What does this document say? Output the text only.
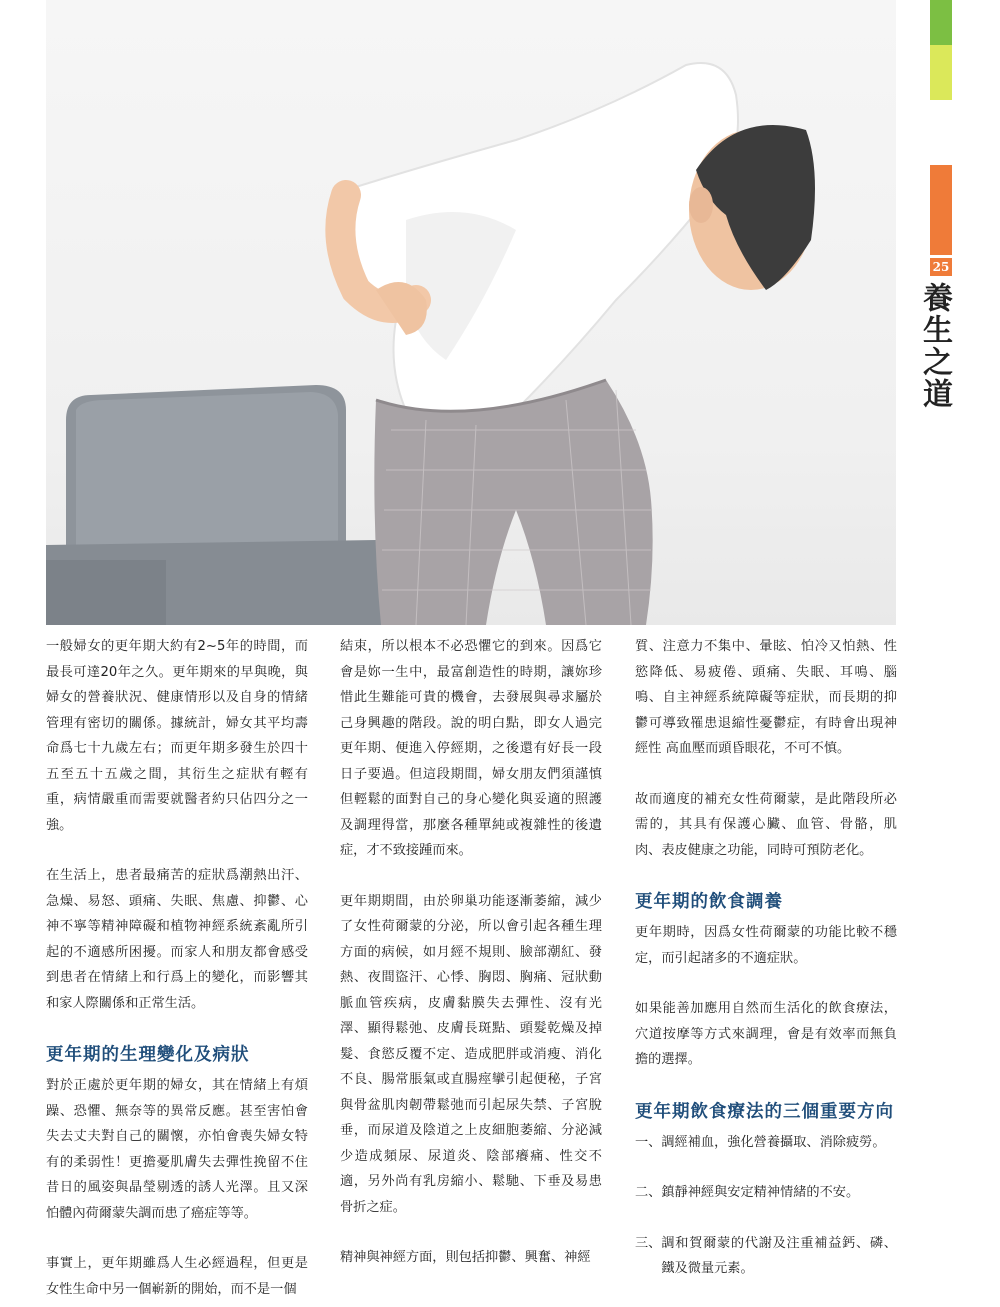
25
養生之道

一般婦女的更年期大約有2~5年的時間，而最長可達20年之久。更年期來的早與晚，與婦女的營養狀況、健康情形以及自身的情緒管理有密切的關係。據統計，婦女其平均壽命爲七十九歲左右；而更年期多發生於四十五至五十五歲之間，其衍生之症狀有輕有重，病情嚴重而需要就醫者約只佔四分之一強。

在生活上，患者最痛苦的症狀爲潮熱出汗、急燥、易怒、頭痛、失眠、焦慮、抑鬱、心神不寧等精神障礙和植物神經系統紊亂所引起的不適感所困擾。而家人和朋友都會感受到患者在情緒上和行爲上的變化，而影響其和家人際關係和正常生活。

更年期的生理變化及病狀

對於正處於更年期的婦女，其在情緒上有煩躁、恐懼、無奈等的異常反應。甚至害怕會失去丈夫對自己的關懷，亦怕會喪失婦女特有的柔弱性！更擔憂肌膚失去彈性挽留不住昔日的風姿與晶瑩剔透的誘人光澤。且又深怕體內荷爾蒙失調而患了癌症等等。

事實上，更年期雖爲人生必經過程，但更是女性生命中另一個嶄新的開始，而不是一個

結束，所以根本不必恐懼它的到來。因爲它會是妳一生中，最富創造性的時期，讓妳珍惜此生難能可貴的機會，去發展與尋求屬於己身興趣的階段。說的明白點，即女人過完更年期、便進入停經期，之後還有好長一段日子要過。但這段期間，婦女朋友們須謹慎但輕鬆的面對自己的身心變化與妥適的照護及調理得當，那麼各種單純或複雜性的後遺症，才不致接踵而來。

更年期期間，由於卵巢功能逐漸萎縮，減少了女性荷爾蒙的分泌，所以會引起各種生理方面的病候，如月經不規則、臉部潮紅、發熱、夜間盜汗、心悸、胸悶、胸痛、冠狀動脈血管疾病，皮膚黏膜失去彈性、沒有光澤、顯得鬆弛、皮膚長斑點、頭髮乾燥及掉髮、食慾反覆不定、造成肥胖或消瘦、消化不良、腸常脹氣或直腸痙攣引起便秘，子宮與骨盆肌肉韌帶鬆弛而引起尿失禁、子宮脫垂，而尿道及陰道之上皮細胞萎縮、分泌減少造成頻尿、尿道炎、陰部癢痛、性交不適，另外尚有乳房縮小、鬆馳、下垂及易患骨折之症。

精神與神經方面，則包括抑鬱、興奮、神經

質、注意力不集中、暈眩、怕冷又怕熱、性慾降低、易疲倦、頭痛、失眠、耳鳴、腦鳴、自主神經系統障礙等症狀，而長期的抑鬱可導致罹患退縮性憂鬱症，有時會出現神經性 高血壓而頭昏眼花，不可不慎。

故而適度的補充女性荷爾蒙，是此階段所必需的，其具有保護心臟、血管、骨骼，肌肉、表皮健康之功能，同時可預防老化。

更年期的飲食調養

更年期時，因爲女性荷爾蒙的功能比較不穩定，而引起諸多的不適症狀。

如果能善加應用自然而生活化的飲食療法，穴道按摩等方式來調理，會是有效率而無負擔的選擇。

更年期飲食療法的三個重要方向
一、 調經補血，強化營養攝取、消除疲勞。
二、 鎮靜神經與安定精神情緒的不安。
三、 調和賀爾蒙的代謝及注重補益鈣、磷、鐵及微量元素。
